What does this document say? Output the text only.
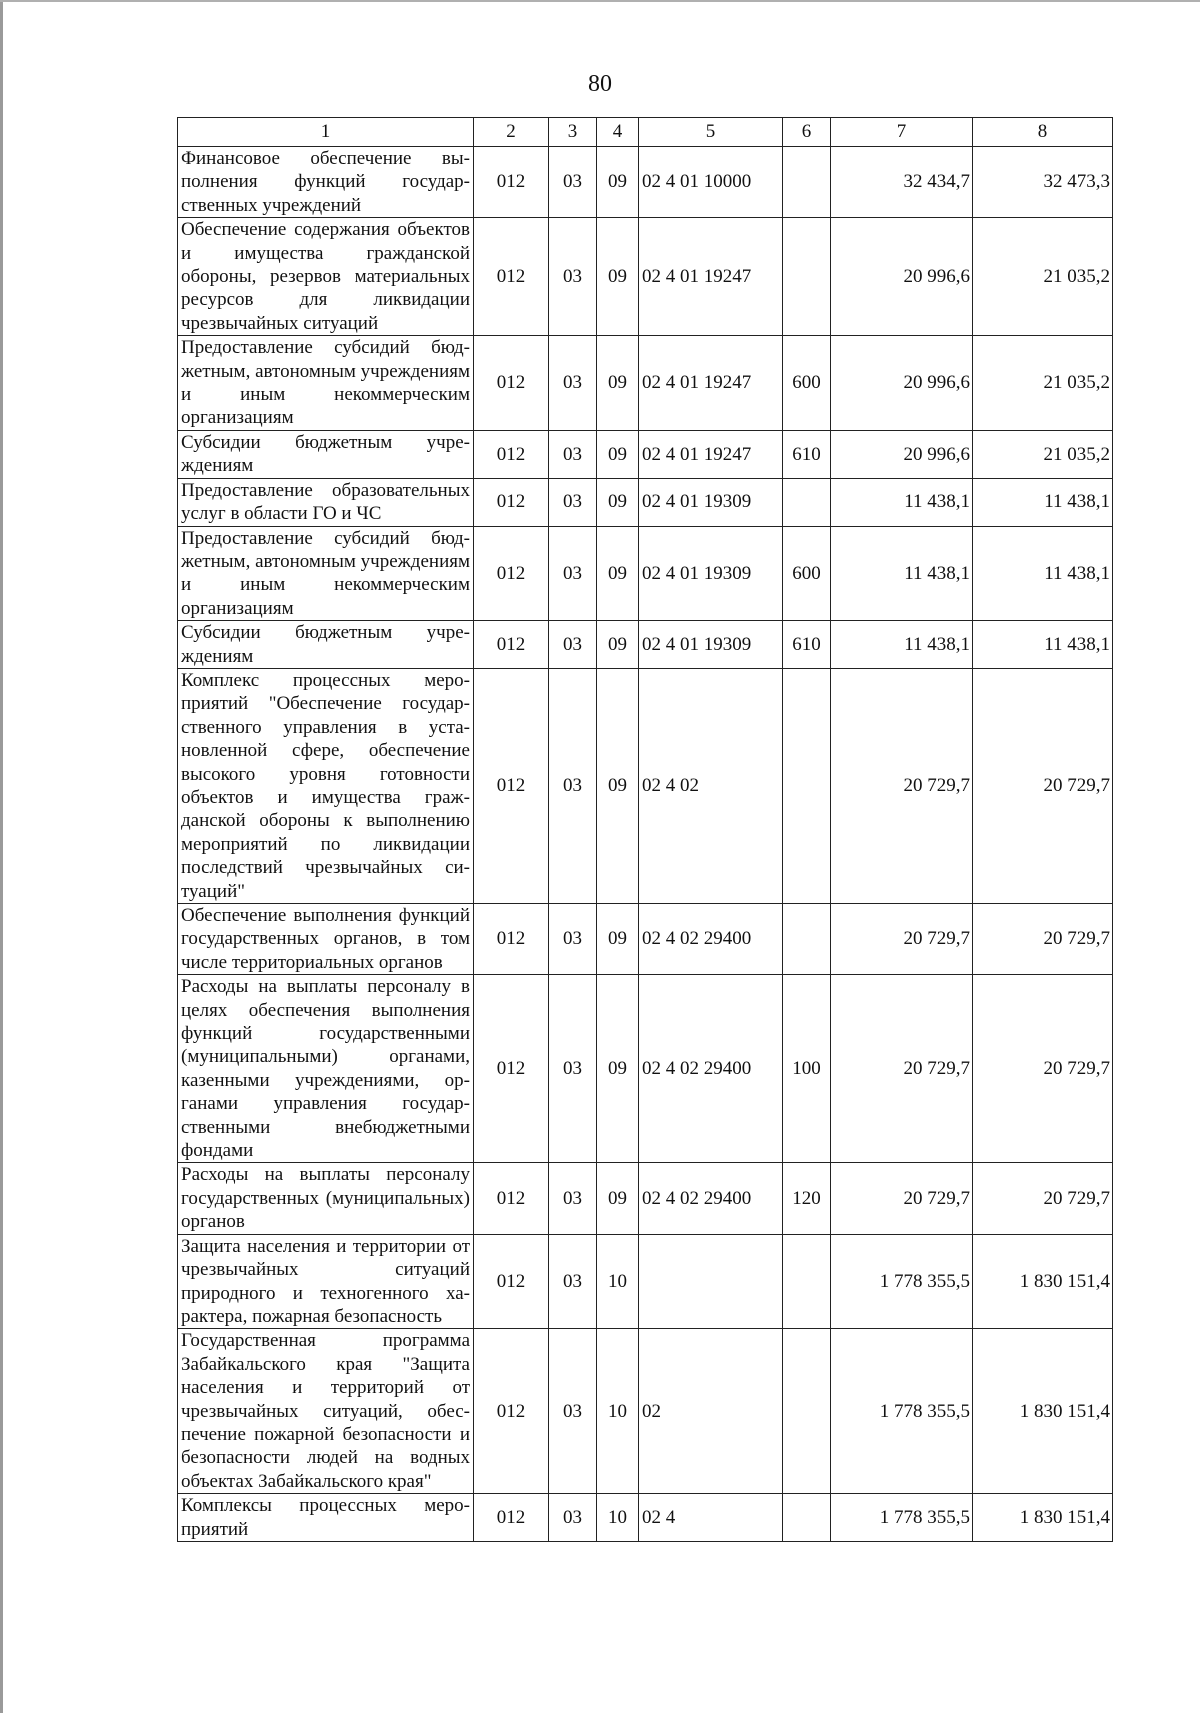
80
1	2	3	4	5	6	7	8
Финансовое обеспечение выполнения функций государственных учреждений	012	03	09	02 4 01 10000		32 434,7	32 473,3
Обеспечение содержания объектов и имущества гражданской обороны, резервов материальных ресурсов для ликвидации чрезвычайных ситуаций	012	03	09	02 4 01 19247		20 996,6	21 035,2
Предоставление субсидий бюджетным, автономным учреждениям и иным некоммерческим организациям	012	03	09	02 4 01 19247	600	20 996,6	21 035,2
Субсидии бюджетным учреждениям	012	03	09	02 4 01 19247	610	20 996,6	21 035,2
Предоставление образовательных услуг в области ГО и ЧС	012	03	09	02 4 01 19309		11 438,1	11 438,1
Предоставление субсидий бюджетным, автономным учреждениям и иным некоммерческим организациям	012	03	09	02 4 01 19309	600	11 438,1	11 438,1
Субсидии бюджетным учреждениям	012	03	09	02 4 01 19309	610	11 438,1	11 438,1
Комплекс процессных мероприятий "Обеспечение государственного управления в установленной сфере, обеспечение высокого уровня готовности объектов и имущества гражданской обороны к выполнению мероприятий по ликвидации последствий чрезвычайных ситуаций"	012	03	09	02 4 02		20 729,7	20 729,7
Обеспечение выполнения функций государственных органов, в том числе территориальных органов	012	03	09	02 4 02 29400		20 729,7	20 729,7
Расходы на выплаты персоналу в целях обеспечения выполнения функций государственными (муниципальными) органами, казенными учреждениями, органами управления государственными внебюджетными фондами	012	03	09	02 4 02 29400	100	20 729,7	20 729,7
Расходы на выплаты персоналу государственных (муниципальных) органов	012	03	09	02 4 02 29400	120	20 729,7	20 729,7
Защита населения и территории от чрезвычайных ситуаций природного и техногенного характера, пожарная безопасность	012	03	10			1 778 355,5	1 830 151,4
Государственная программа Забайкальского края "Защита населения и территорий от чрезвычайных ситуаций, обеспечение пожарной безопасности и безопасности людей на водных объектах Забайкальского края"	012	03	10	02		1 778 355,5	1 830 151,4
Комплексы процессных мероприятий	012	03	10	02 4		1 778 355,5	1 830 151,4
